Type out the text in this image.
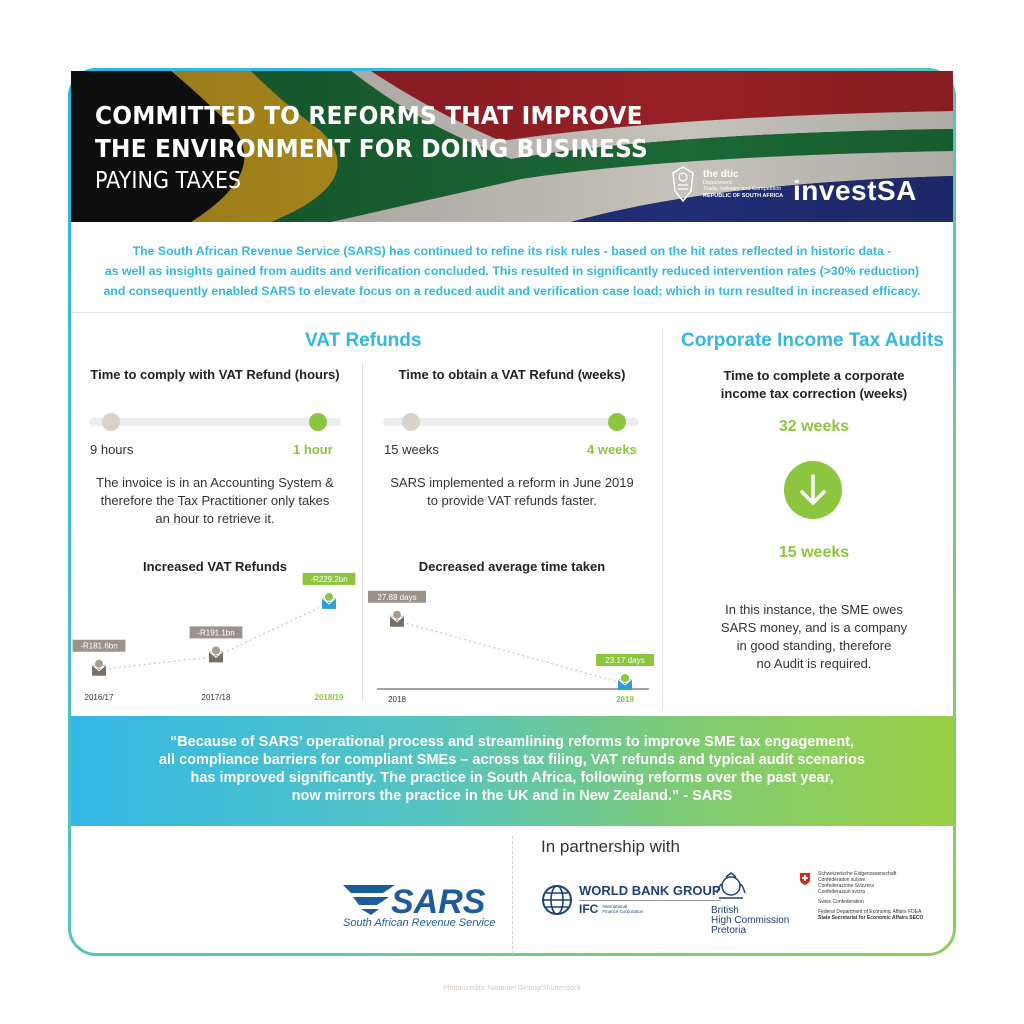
COMMITTED TO REFORMS THAT IMPROVE
THE ENVIRONMENT FOR DOING BUSINESS
PAYING TAXES	the dtic
Department:
Trade, Industry and Competition
REPUBLIC OF SOUTH AFRICA investSA
The South African Revenue Service (SARS) has continued to refine its risk rules - based on the hit rates reflected in historic data -
as well as insights gained from audits and verification concluded. This resulted in significantly reduced intervention rates (>30% reduction)
and consequently enabled SARS to elevate focus on a reduced audit and verification case load; which in turn resulted in increased efficacy.
VAT Refunds
Time to comply with VAT Refund (hours)
9 hours	1 hour
The invoice is in an Accounting System &
therefore the Tax Practitioner only takes
an hour to retrieve it.
Time to obtain a VAT Refund (weeks)
15 weeks	4 weeks
SARS implemented a reform in June 2019
to provide VAT refunds faster.
Increased VAT Refunds
-R181.6bn
2016/17
-R191.1bn
2017/18
-R229.2bn
2018/19
Decreased average time taken
27.88 days
2018
23.17 days
2019
Corporate Income Tax Audits
Time to complete a corporate
income tax correction (weeks)
32 weeks
15 weeks
In this instance, the SME owes
SARS money, and is a company
in good standing, therefore
no Audit is required.
“Because of SARS’ operational process and streamlining reforms to improve SME tax engagement,
all compliance barriers for compliant SMEs – across tax filing, VAT refunds and typical audit scenarios
has improved significantly. The practice in South Africa, following reforms over the past year,
now mirrors the practice in the UK and in New Zealand.” - SARS
SARS
South African Revenue Service
In partnership with
WORLD BANK GROUP
IFC International
Finance Corporation	British
High Commission
Pretoria
Schweizerische Eidgenossenschaft
Confédération suisse
Confederazione Svizzera
Confederaziun svizra
Swiss Confederation
Federal Department of Economic Affairs FDEA
State Secretariat for Economic Affairs SECO
Photo credits: Natanael Ginting/Shutterstock
